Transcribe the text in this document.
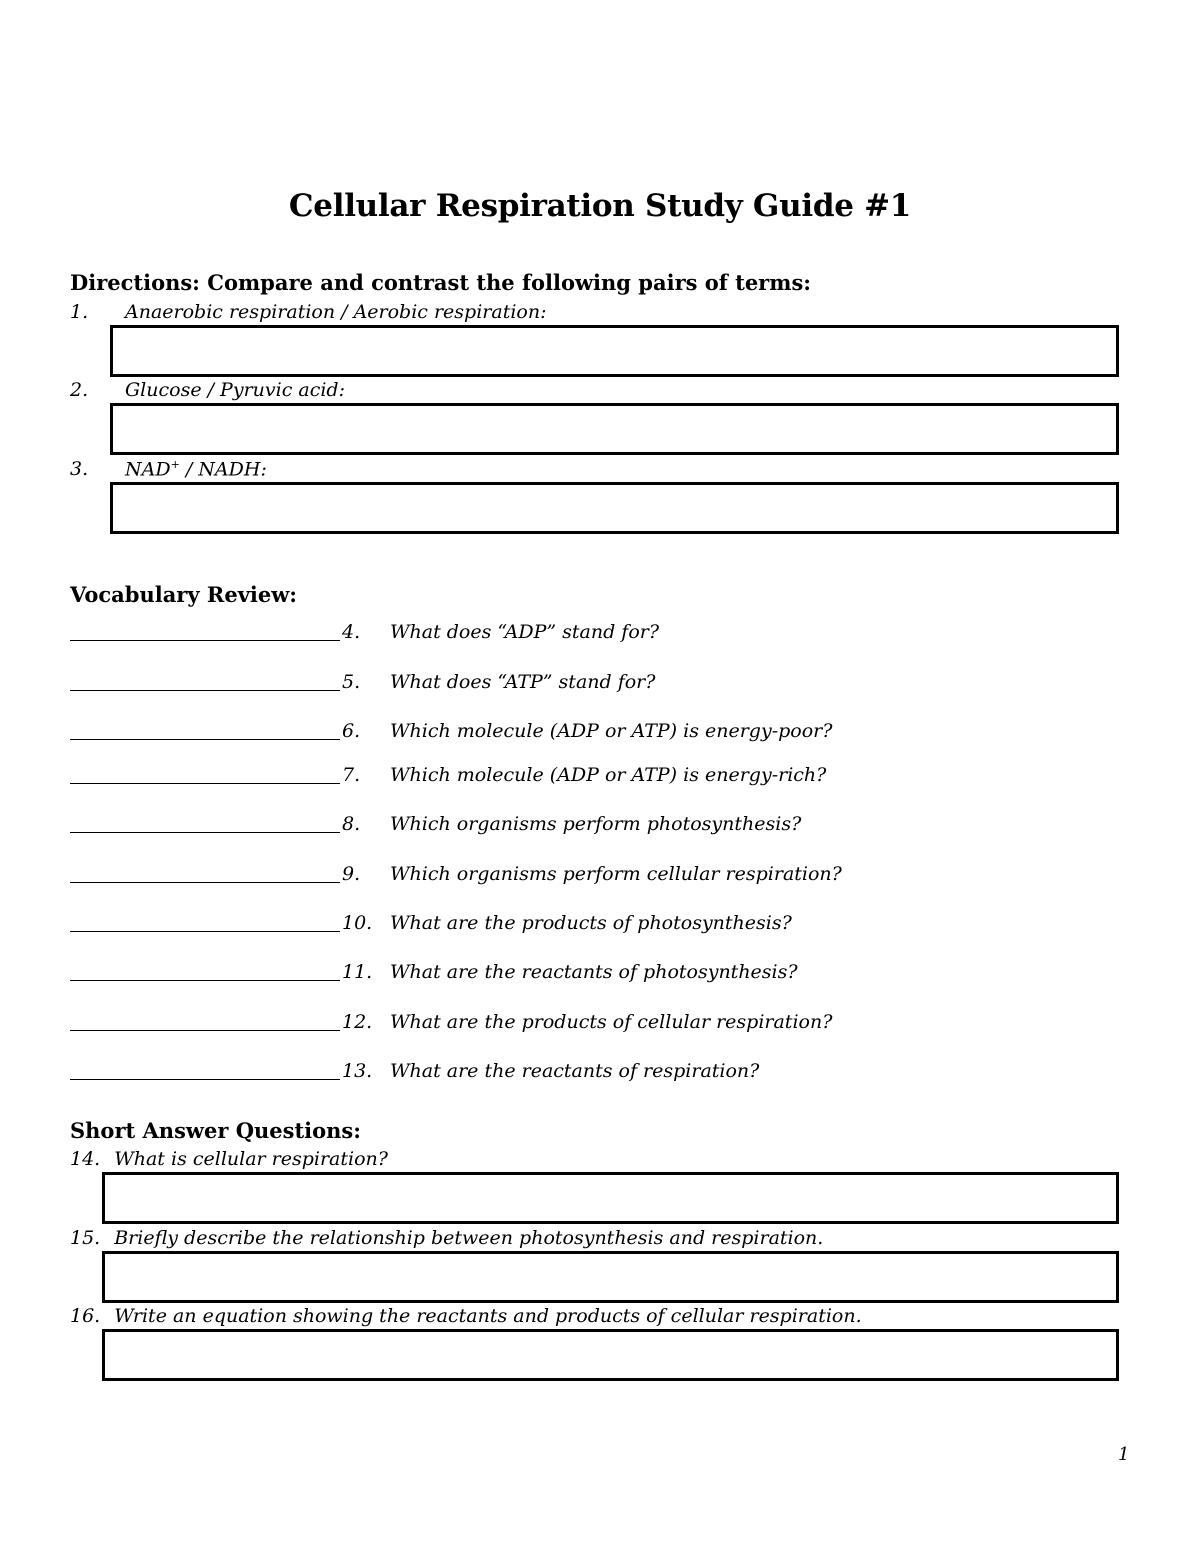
Cellular Respiration Study Guide #1
Directions: Compare and contrast the following pairs of terms:
1. Anaerobic respiration / Aerobic respiration:
2. Glucose / Pyruvic acid:
3. NAD+ / NADH:
Vocabulary Review:
4. What does “ADP” stand for?
5. What does “ATP” stand for?
6. Which molecule (ADP or ATP) is energy-poor?
7. Which molecule (ADP or ATP) is energy-rich?
8. Which organisms perform photosynthesis?
9. Which organisms perform cellular respiration?
10. What are the products of photosynthesis?
11. What are the reactants of photosynthesis?
12. What are the products of cellular respiration?
13. What are the reactants of respiration?
Short Answer Questions:
14. What is cellular respiration?
15. Briefly describe the relationship between photosynthesis and respiration.
16. Write an equation showing the reactants and products of cellular respiration.
1
